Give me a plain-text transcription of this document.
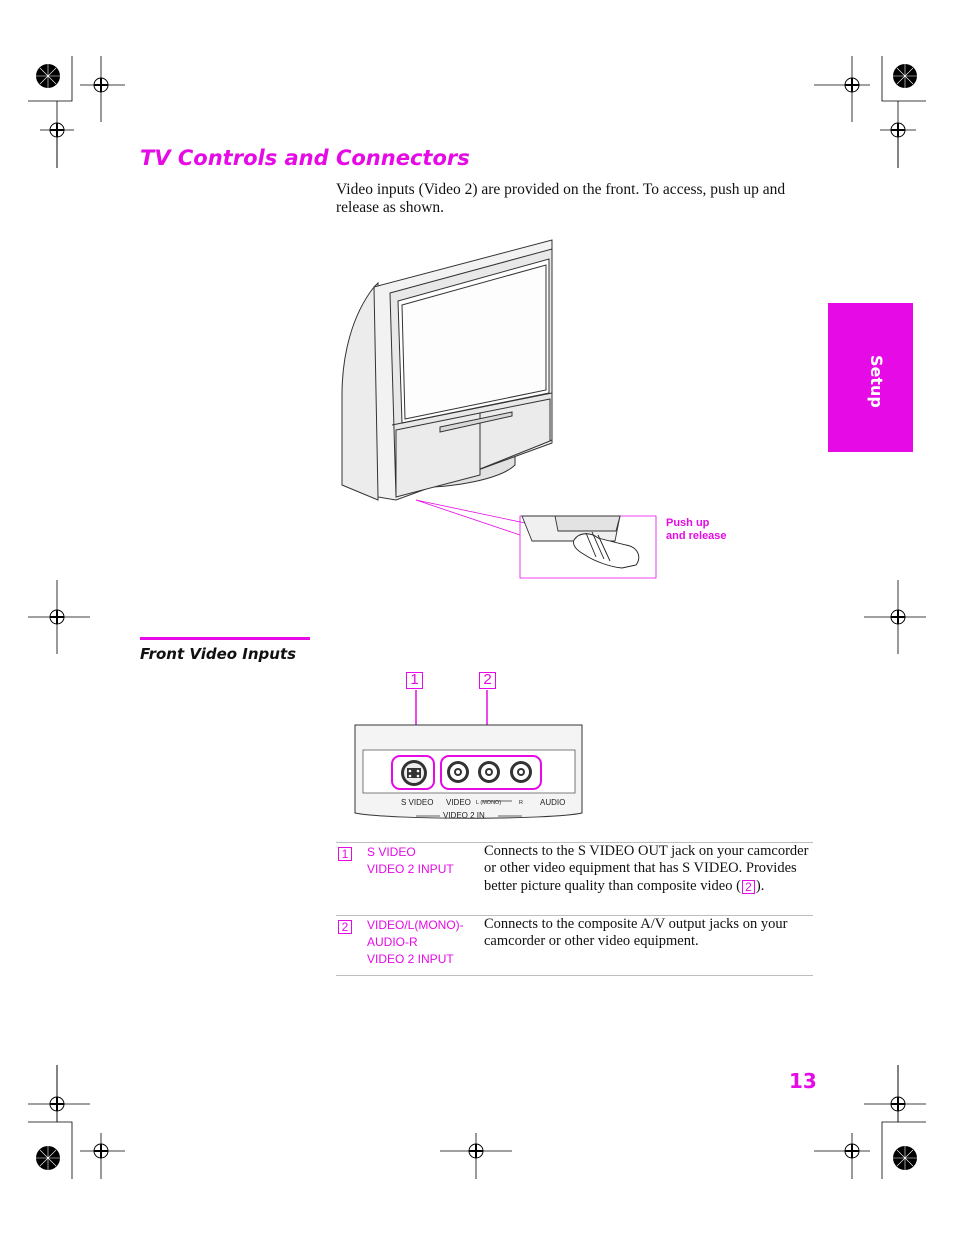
TV Controls and Connectors

Video inputs (Video 2) are provided on the front. To access, push up and release as shown.

Setup
Push up
and release
Front Video Inputs
1	2
S VIDEO VIDEO L (MONO)	R AUDIO
VIDEO 2 IN
1	S VIDEO
VIDEO 2 INPUT
Connects to the S VIDEO OUT jack on your camcorder or other video equipment that has S VIDEO. Provides better picture quality than composite video ( 2 ).
2	VIDEO/L(MONO)-
AUDIO-R
VIDEO 2 INPUT
Connects to the composite A/V output jacks on your camcorder or other video equipment.

13
